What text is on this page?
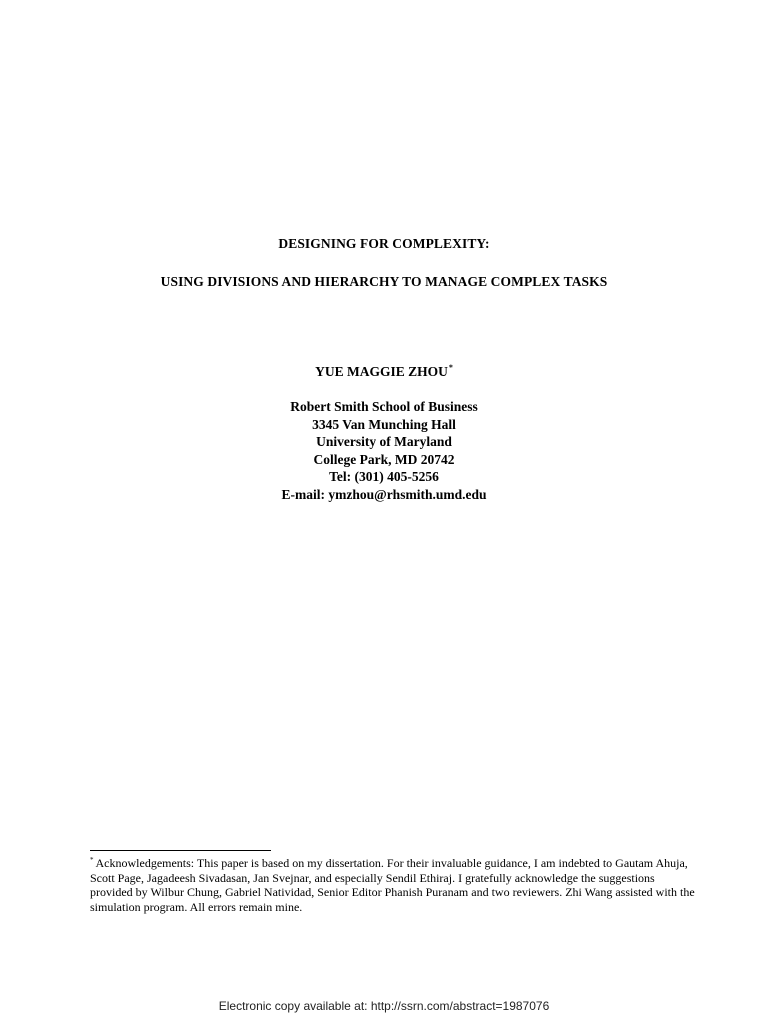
DESIGNING FOR COMPLEXITY:
USING DIVISIONS AND HIERARCHY TO MANAGE COMPLEX TASKS
YUE MAGGIE ZHOU*
Robert Smith School of Business
3345 Van Munching Hall
University of Maryland
College Park, MD 20742
Tel: (301) 405-5256
E-mail: ymzhou@rhsmith.umd.edu
* Acknowledgements: This paper is based on my dissertation. For their invaluable guidance, I am indebted to Gautam Ahuja, Scott Page, Jagadeesh Sivadasan, Jan Svejnar, and especially Sendil Ethiraj. I gratefully acknowledge the suggestions provided by Wilbur Chung, Gabriel Natividad, Senior Editor Phanish Puranam and two reviewers. Zhi Wang assisted with the simulation program. All errors remain mine.
Electronic copy available at: http://ssrn.com/abstract=1987076
